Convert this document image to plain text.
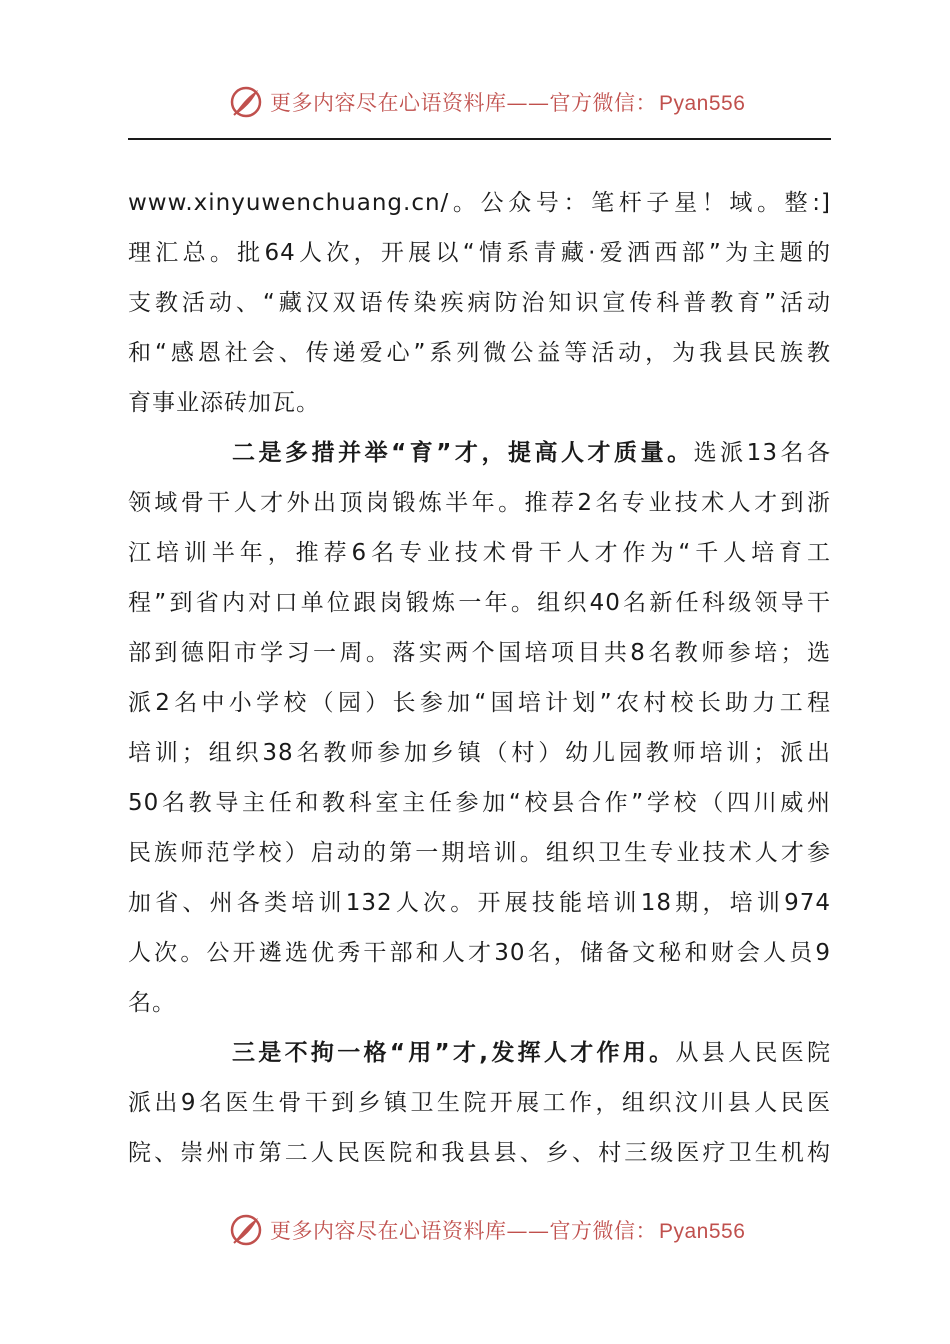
更多内容尽在心语资料库——官方微信：Pyan556
www.xinyuwenchuang.cn/。公众号：笔杆子星！域。整:]
理汇总。批64人次，开展以“情系青藏·爱洒西部”为主题的
支教活动、“藏汉双语传染疾病防治知识宣传科普教育”活动
和“感恩社会、传递爱心”系列微公益等活动，为我县民族教
育事业添砖加瓦。
二是多措并举“育”才，提高人才质量。选派13名各
领域骨干人才外出顶岗锻炼半年。推荐2名专业技术人才到浙
江培训半年，推荐6名专业技术骨干人才作为“千人培育工
程”到省内对口单位跟岗锻炼一年。组织40名新任科级领导干
部到德阳市学习一周。落实两个国培项目共8名教师参培；选
派2名中小学校（园）长参加“国培计划”农村校长助力工程
培训；组织38名教师参加乡镇（村）幼儿园教师培训；派出
50名教导主任和教科室主任参加“校县合作”学校（四川威州
民族师范学校）启动的第一期培训。组织卫生专业技术人才参
加省、州各类培训132人次。开展技能培训18期，培训974
人次。公开遴选优秀干部和人才30名，储备文秘和财会人员9
名。
三是不拘一格“用”才,发挥人才作用。从县人民医院
派出9名医生骨干到乡镇卫生院开展工作，组织汶川县人民医
院、崇州市第二人民医院和我县县、乡、村三级医疗卫生机构
更多内容尽在心语资料库——官方微信：Pyan556
